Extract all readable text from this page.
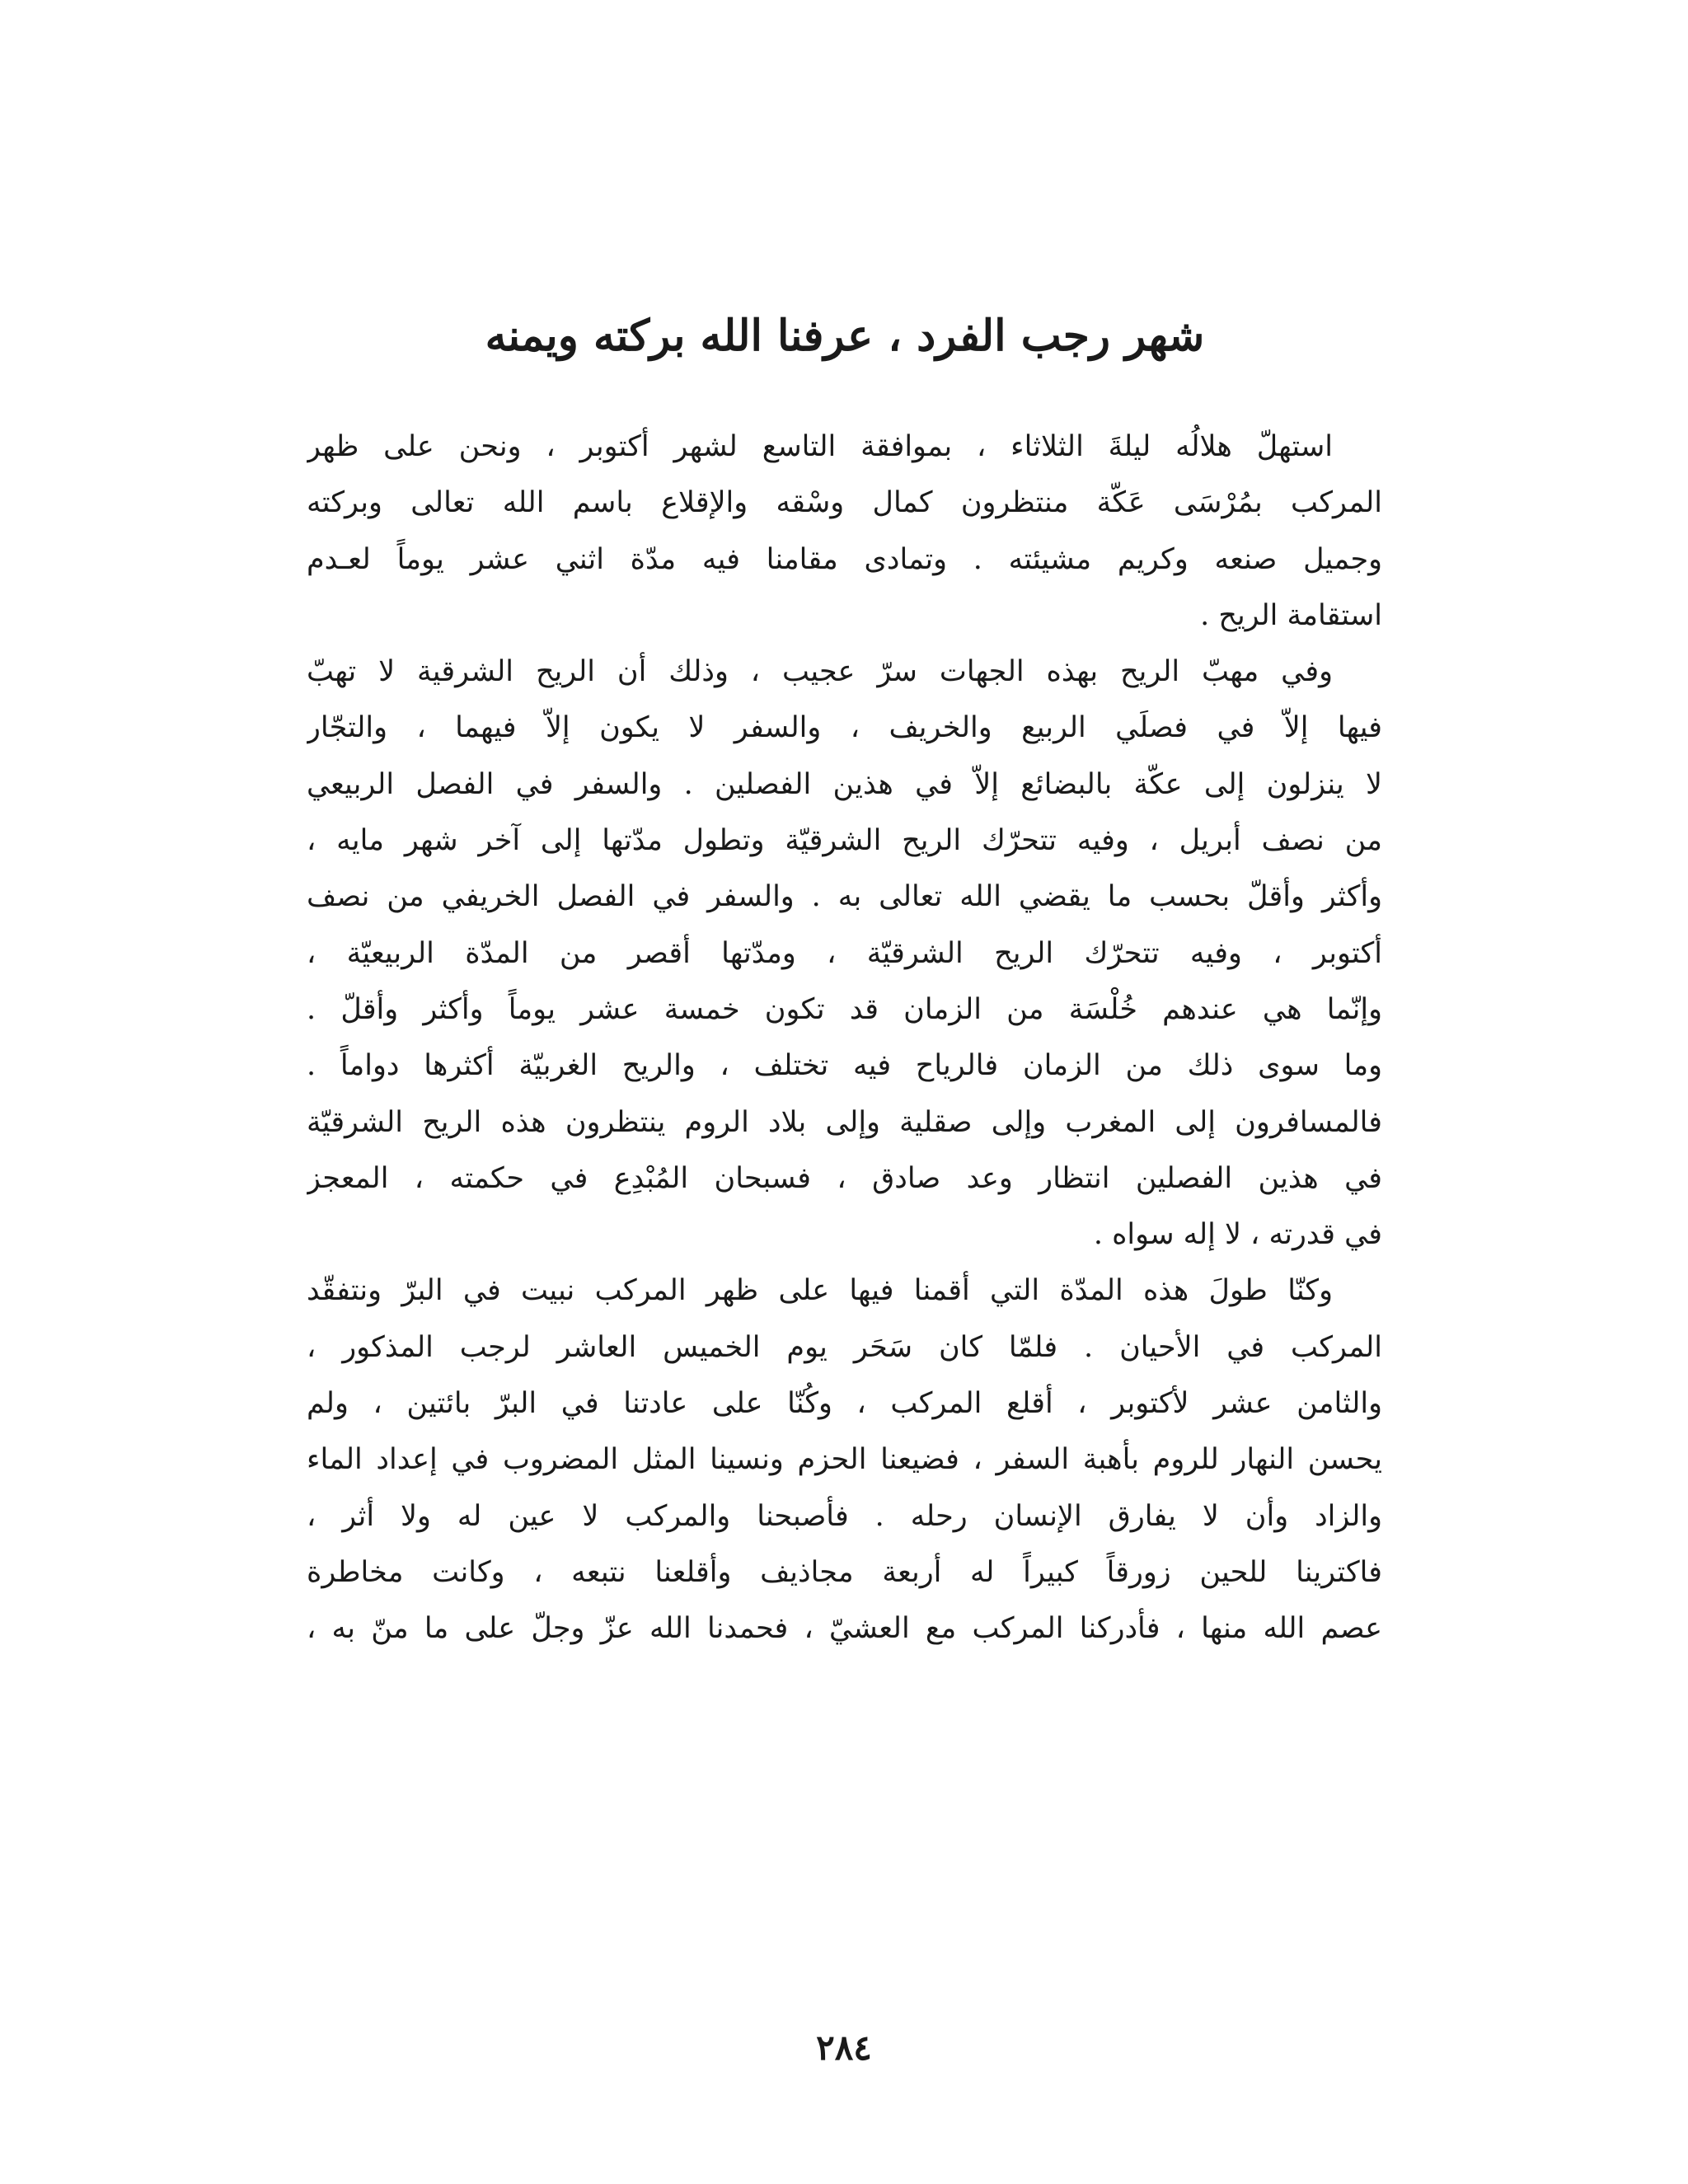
شهر رجب الفرد ، عرفنا الله بركته ويمنه

استهلّ هلالُه ليلةَ الثلاثاء ، بموافقة التاسع لشهر أكتوبر ، ونحن على ظهر
المركب بمُرْسَى عَكّة منتظرون كمال وسْقه والإقلاع باسم الله تعالى وبركته
وجميل صنعه وكريم مشيئته . وتمادى مقامنا فيه مدّة اثني عشر يوماً لعـدم
استقامة الريح .

وفي مهبّ الريح بهذه الجهات سرّ عجيب ، وذلك أن الريح الشرقية لا تهبّ
فيها إلاّ في فصلَي الربيع والخريف ، والسفر لا يكون إلاّ فيهما ، والتجّار
لا ينزلون إلى عكّة بالبضائع إلاّ في هذين الفصلين . والسفر في الفصل الربيعي
من نصف أبريل ، وفيه تتحرّك الريح الشرقيّة وتطول مدّتها إلى آخر شهر مايه ،
وأكثر وأقلّ بحسب ما يقضي الله تعالى به . والسفر في الفصل الخريفي من نصف
أكتوبر ، وفيه تتحرّك الريح الشرقيّة ، ومدّتها أقصر من المدّة الربيعيّة ،
وإنّما هي عندهم خُلْسَة من الزمان قد تكون خمسة عشر يوماً وأكثر وأقلّ .
وما سوى ذلك من الزمان فالرياح فيه تختلف ، والريح الغربيّة أكثرها دواماً .
فالمسافرون إلى المغرب وإلى صقلية وإلى بلاد الروم ينتظرون هذه الريح الشرقيّة
في هذين الفصلين انتظار وعد صادق ، فسبحان المُبْدِع في حكمته ، المعجز
في قدرته ، لا إله سواه .

وكنّا طولَ هذه المدّة التي أقمنا فيها على ظهر المركب نبيت في البرّ ونتفقّد
المركب في الأحيان . فلمّا كان سَحَر يوم الخميس العاشر لرجب المذكور ،
والثامن عشر لأكتوبر ، أقلع المركب ، وكُنّا على عادتنا في البرّ بائتين ، ولم
يحسن النهار للروم بأهبة السفر ، فضيعنا الحزم ونسينا المثل المضروب في إعداد الماء
والزاد وأن لا يفارق الإنسان رحله . فأصبحنا والمركب لا عين له ولا أثر ،
فاكترينا للحين زورقاً كبيراً له أربعة مجاذيف وأقلعنا نتبعه ، وكانت مخاطرة
عصم الله منها ، فأدركنا المركب مع العشيّ ، فحمدنا الله عزّ وجلّ على ما منّ به ،

٢٨٤
